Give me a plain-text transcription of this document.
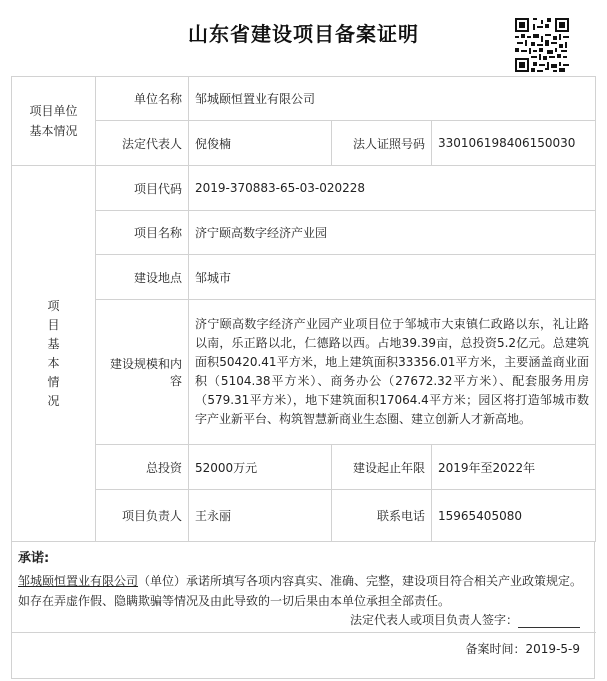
山东省建设项目备案证明
项目单位基本情况	单位名称	邹城颐恒置业有限公司		
	法定代表人	倪俊楠	法人证照号码	330106198406150030
项目基本情况	项目代码	2019-370883-65-03-020228		
	项目名称	济宁颐高数字经济产业园		
	建设地点	邹城市		
	建设规模和内容	济宁颐高数字经济产业园产业项目位于邹城市大束镇仁政路以东，礼让路以南，乐正路以北，仁德路以西。占地39.39亩，总投资5.2亿元。总建筑面积50420.41平方米，地上建筑面积33356.01平方米，主要涵盖商业面积（5104.38平方米）、商务办公（27672.32平方米）、配套服务用房（579.31平方米），地下建筑面积17064.4平方米；园区将打造邹城市数字产业新平台、构筑智慧新商业生态圈、建立创新人才新高地。		
	总投资	52000万元	建设起止年限	2019年至2022年
	项目负责人	王永丽	联系电话	15965405080
承诺:
邹城颐恒置业有限公司（单位）承诺所填写各项内容真实、准确、完整，建设项目符合相关产业政策规定。如存在弄虚作假、隐瞒欺骗等情况及由此导致的一切后果由本单位承担全部责任。
法定代表人或项目负责人签字：
备案时间：2019-5-9
